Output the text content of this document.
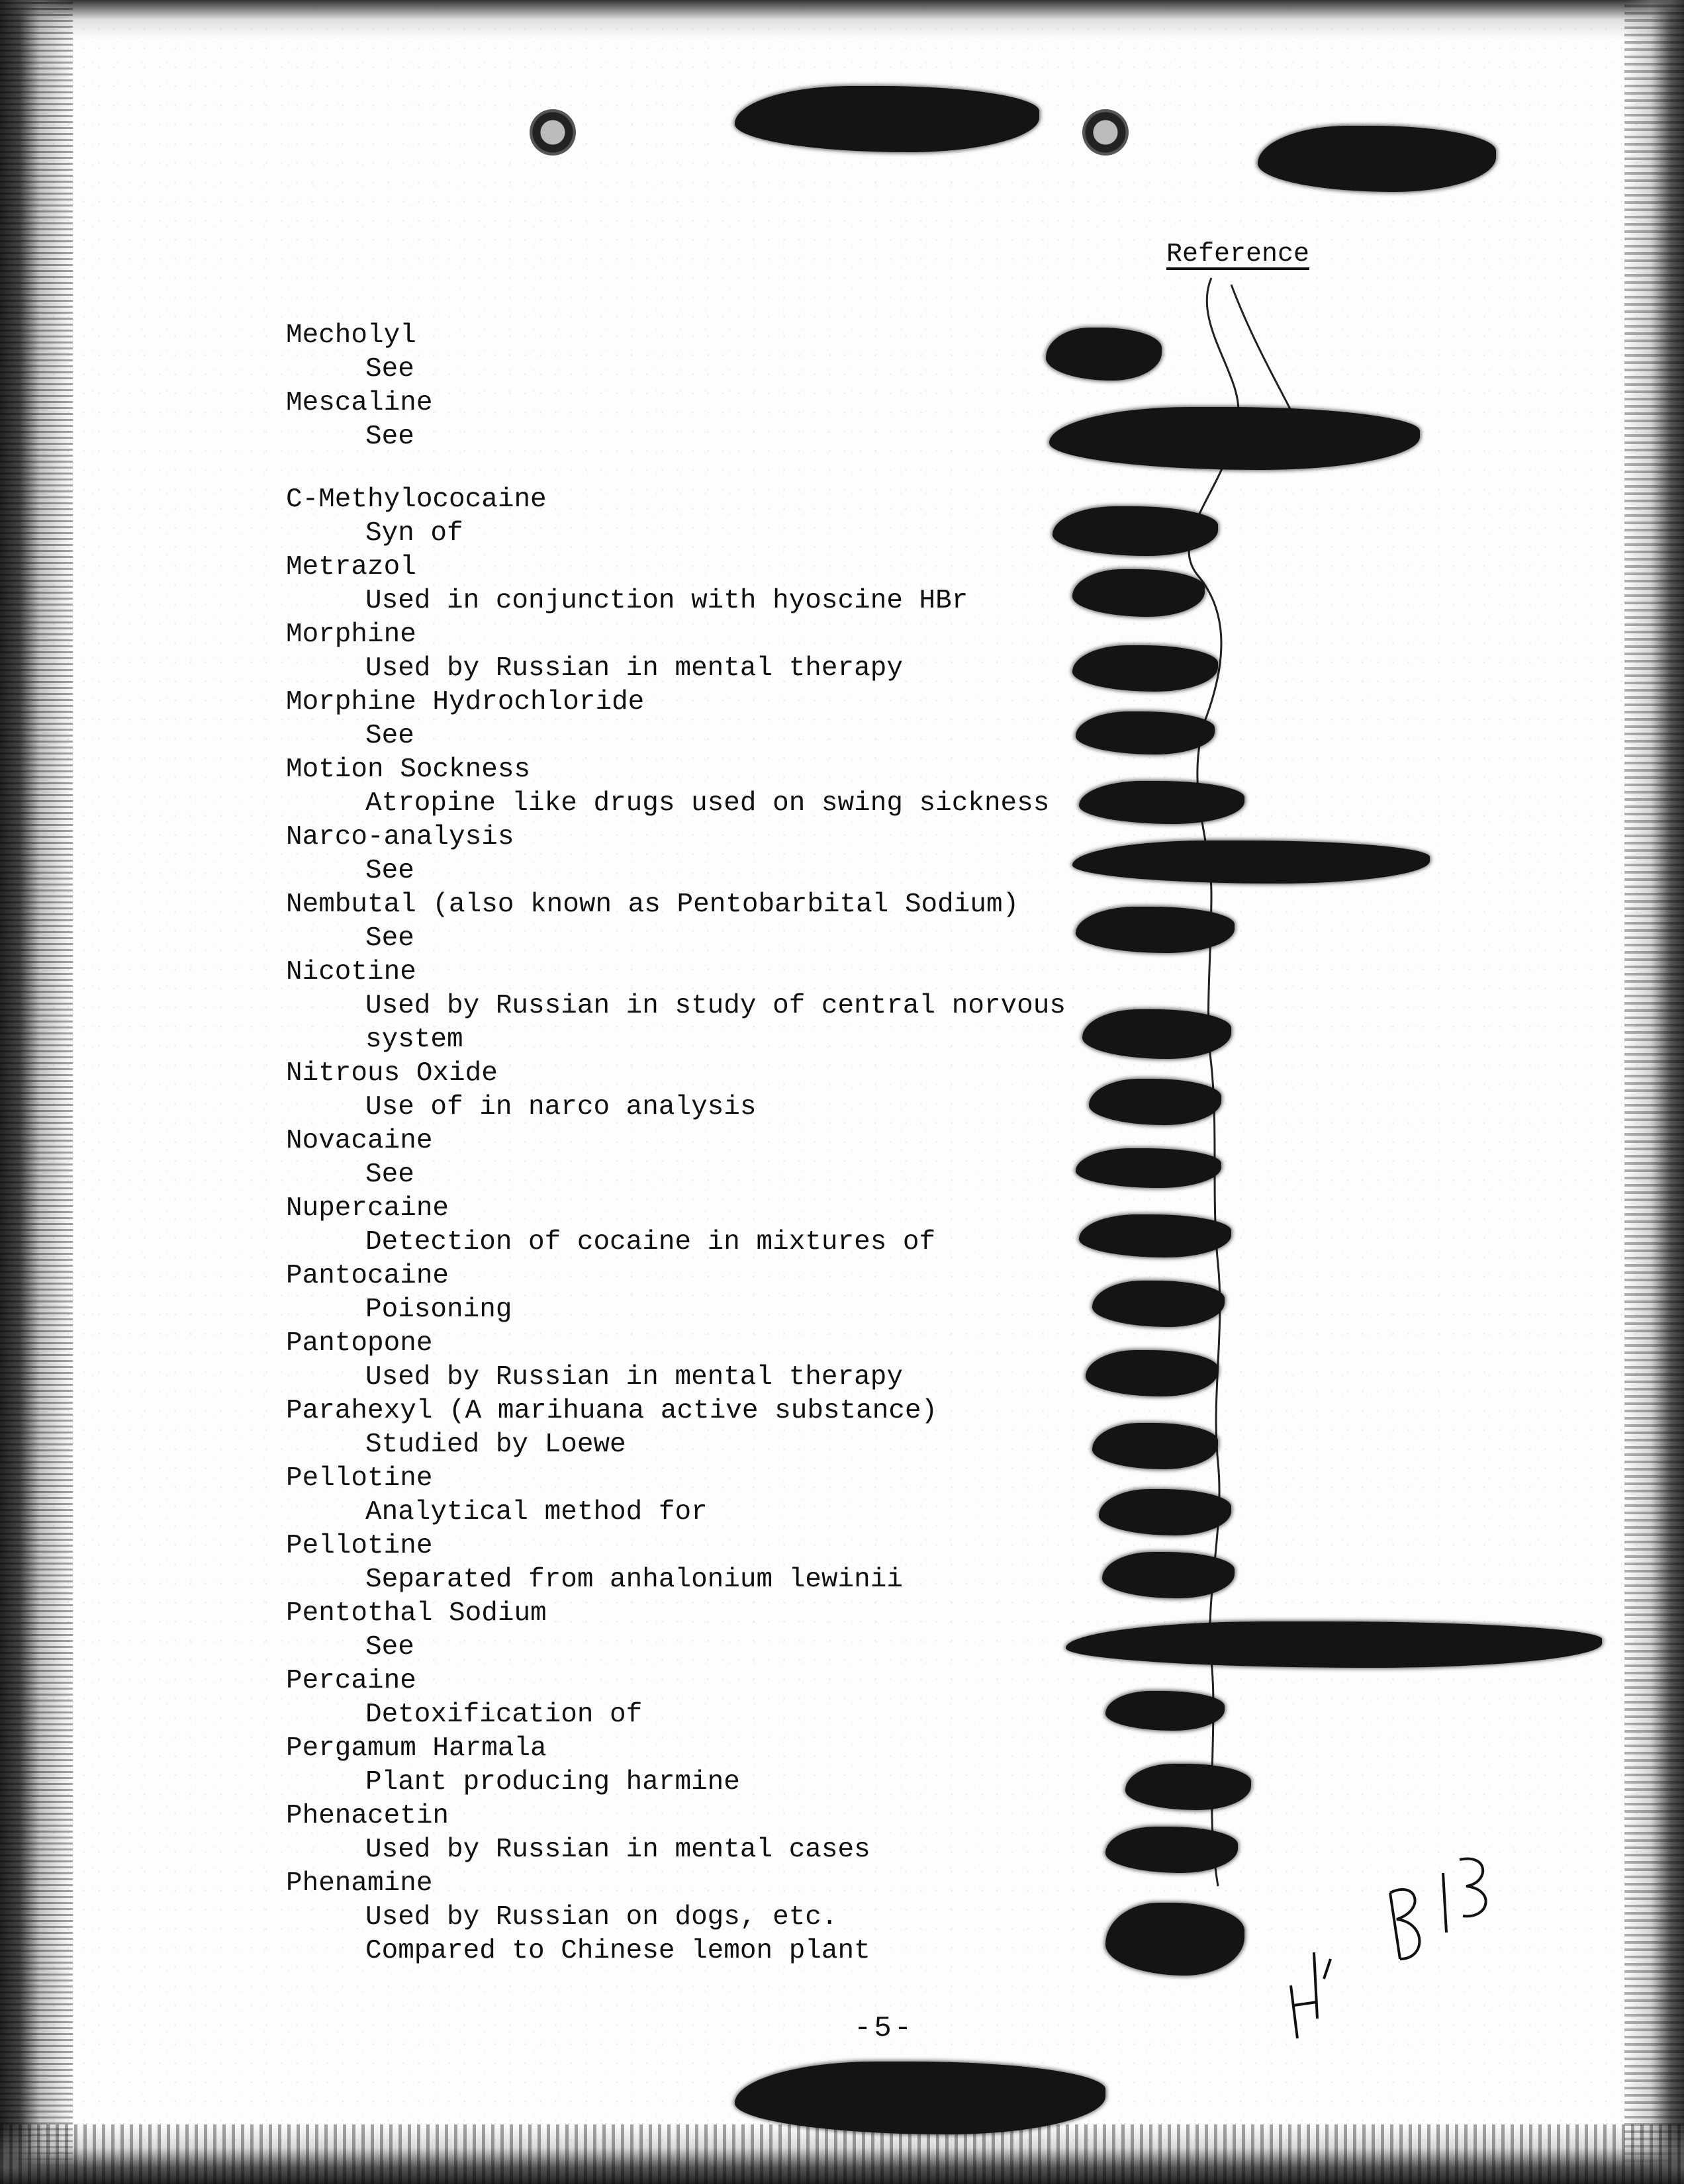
Reference
Mecholyl
See
Mescaline
See
C-Methylococaine
Syn of
Metrazol
Used in conjunction with hyoscine HBr
Morphine
Used by Russian in mental therapy
Morphine Hydrochloride
See
Motion Sockness
Atropine like drugs used on swing sickness
Narco-analysis
See
Nembutal (also known as Pentobarbital Sodium)
See
Nicotine
Used by Russian in study of central norvous
system
Nitrous Oxide
Use of in narco analysis
Novacaine
See
Nupercaine
Detection of cocaine in mixtures of
Pantocaine
Poisoning
Pantopone
Used by Russian in mental therapy
Parahexyl (A marihuana active substance)
Studied by Loewe
Pellotine
Analytical method for
Pellotine
Separated from anhalonium lewinii
Pentothal Sodium
See
Percaine
Detoxification of
Pergamum Harmala
Plant producing harmine
Phenacetin
Used by Russian in mental cases
Phenamine
Used by Russian on dogs, etc.
Compared to Chinese lemon plant
-5-
